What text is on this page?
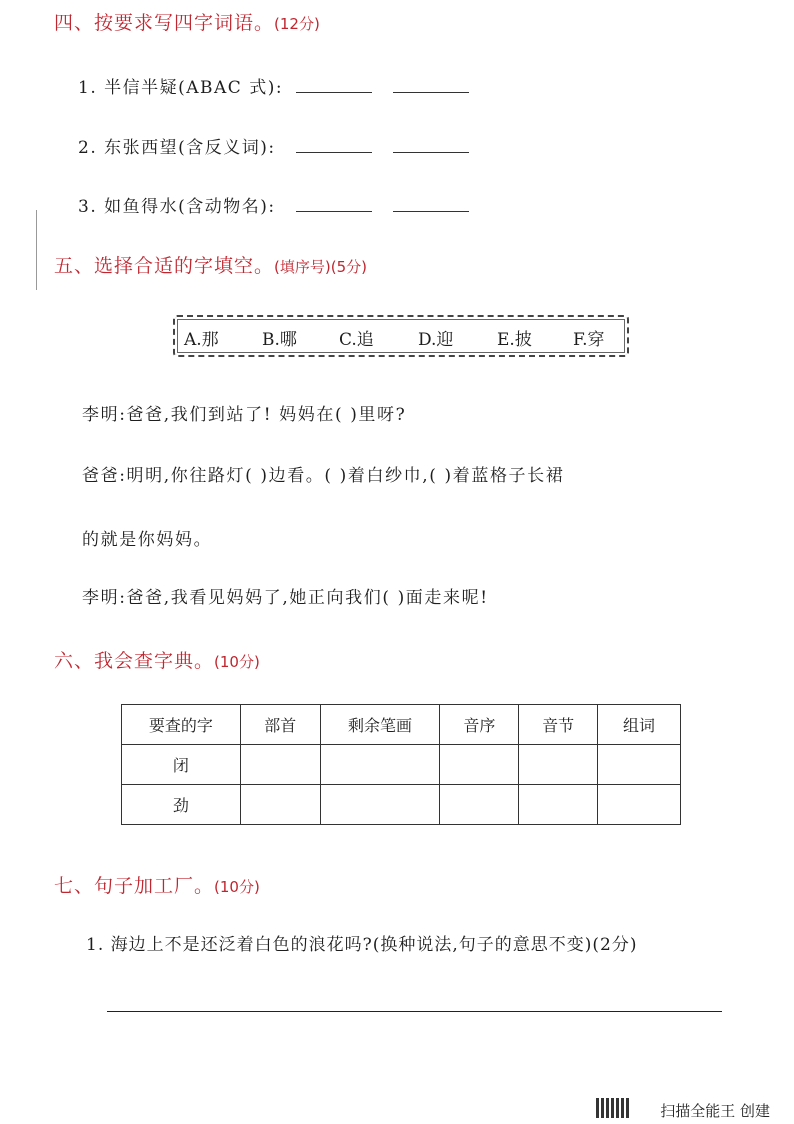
四、按要求写四字词语。(12分)
1. 半信半疑(ABAC 式):
2. 东张西望(含反义词):
3. 如鱼得水(含动物名):
五、选择合适的字填空。(填序号)(5分)
A.那	B.哪 C.追	D.迎	E.披 F.穿
李明:爸爸,我们到站了! 妈妈在( )里呀?
爸爸:明明,你往路灯( )边看。( )着白纱巾,( )着蓝格子长裙
的就是你妈妈。
李明:爸爸,我看见妈妈了,她正向我们( )面走来呢!
六、我会查字典。(10分)
要查的字	部首	剩余笔画	音序	音节	组词
闭					
劲					
七、句子加工厂。(10分)
1. 海边上不是还泛着白色的浪花吗?(换种说法,句子的意思不变)(2分)
扫描全能王 创建
